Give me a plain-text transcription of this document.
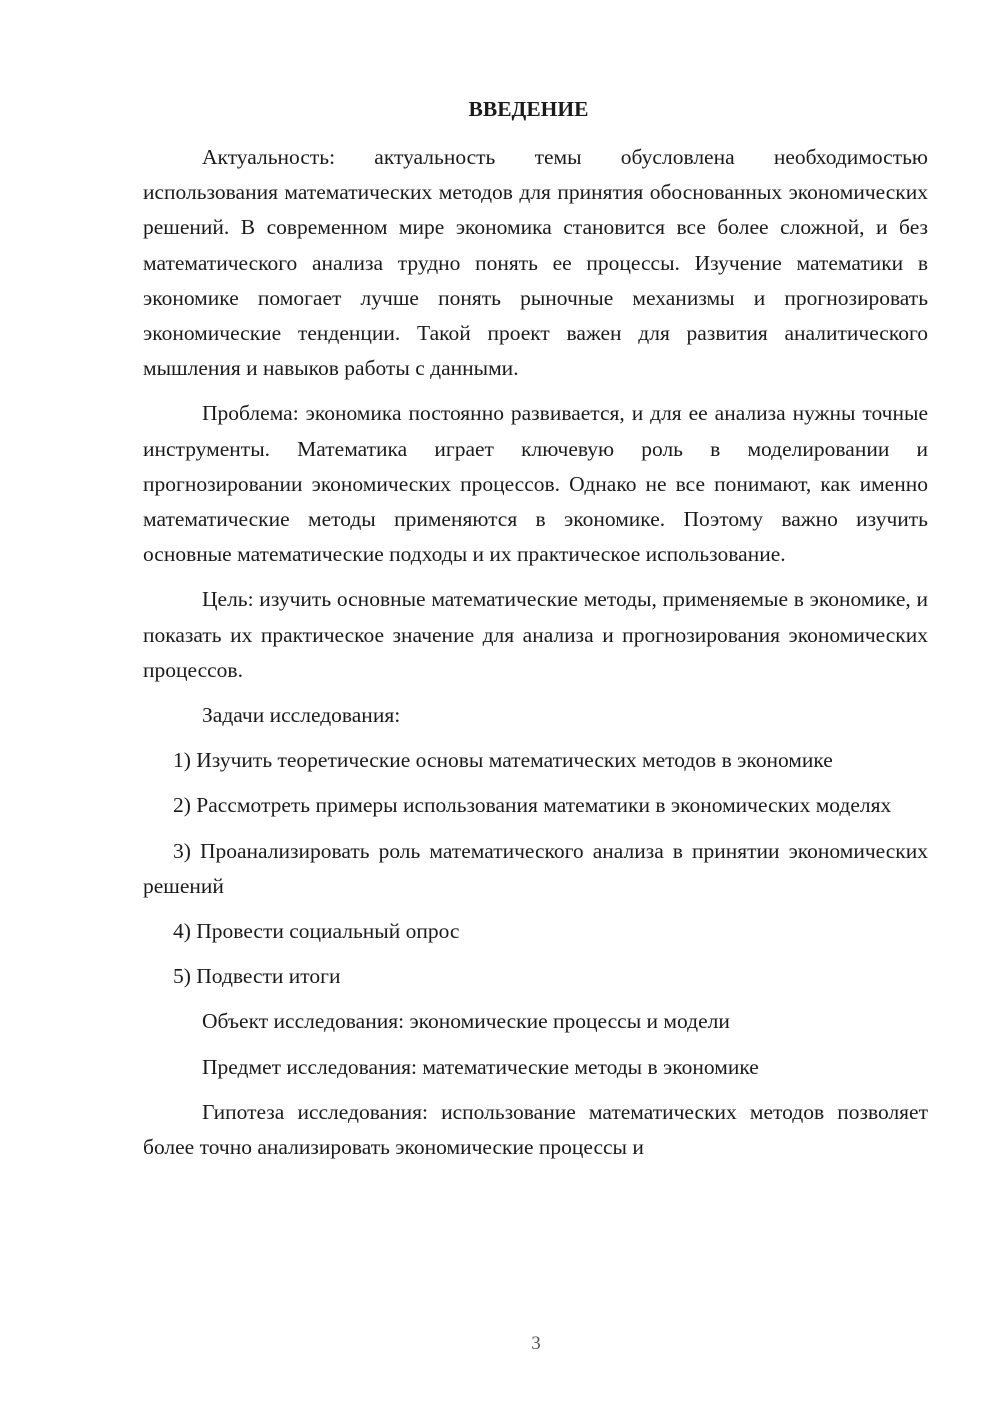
ВВЕДЕНИЕ

Актуальность: актуальность темы обусловлена необходимостью использования математических методов для принятия обоснованных экономических решений. В современном мире экономика становится все более сложной, и без математического анализа трудно понять ее процессы. Изучение математики в экономике помогает лучше понять рыночные механизмы и прогнозировать экономические тенденции. Такой проект важен для развития аналитического мышления и навыков работы с данными.

Проблема: экономика постоянно развивается, и для ее анализа нужны точные инструменты. Математика играет ключевую роль в моделировании и прогнозировании экономических процессов. Однако не все понимают, как именно математические методы применяются в экономике. Поэтому важно изучить основные математические подходы и их практическое использование.

Цель: изучить основные математические методы, применяемые в экономике, и показать их практическое значение для анализа и прогнозирования экономических процессов.

Задачи исследования:

1) Изучить теоретические основы математических методов в экономике

2) Рассмотреть примеры использования математики в экономических моделях

3) Проанализировать роль математического анализа в принятии экономических решений

4) Провести социальный опрос

5) Подвести итоги

Объект исследования: экономические процессы и модели

Предмет исследования: математические методы в экономике

Гипотеза исследования: использование математических методов позволяет более точно анализировать экономические процессы и

3
